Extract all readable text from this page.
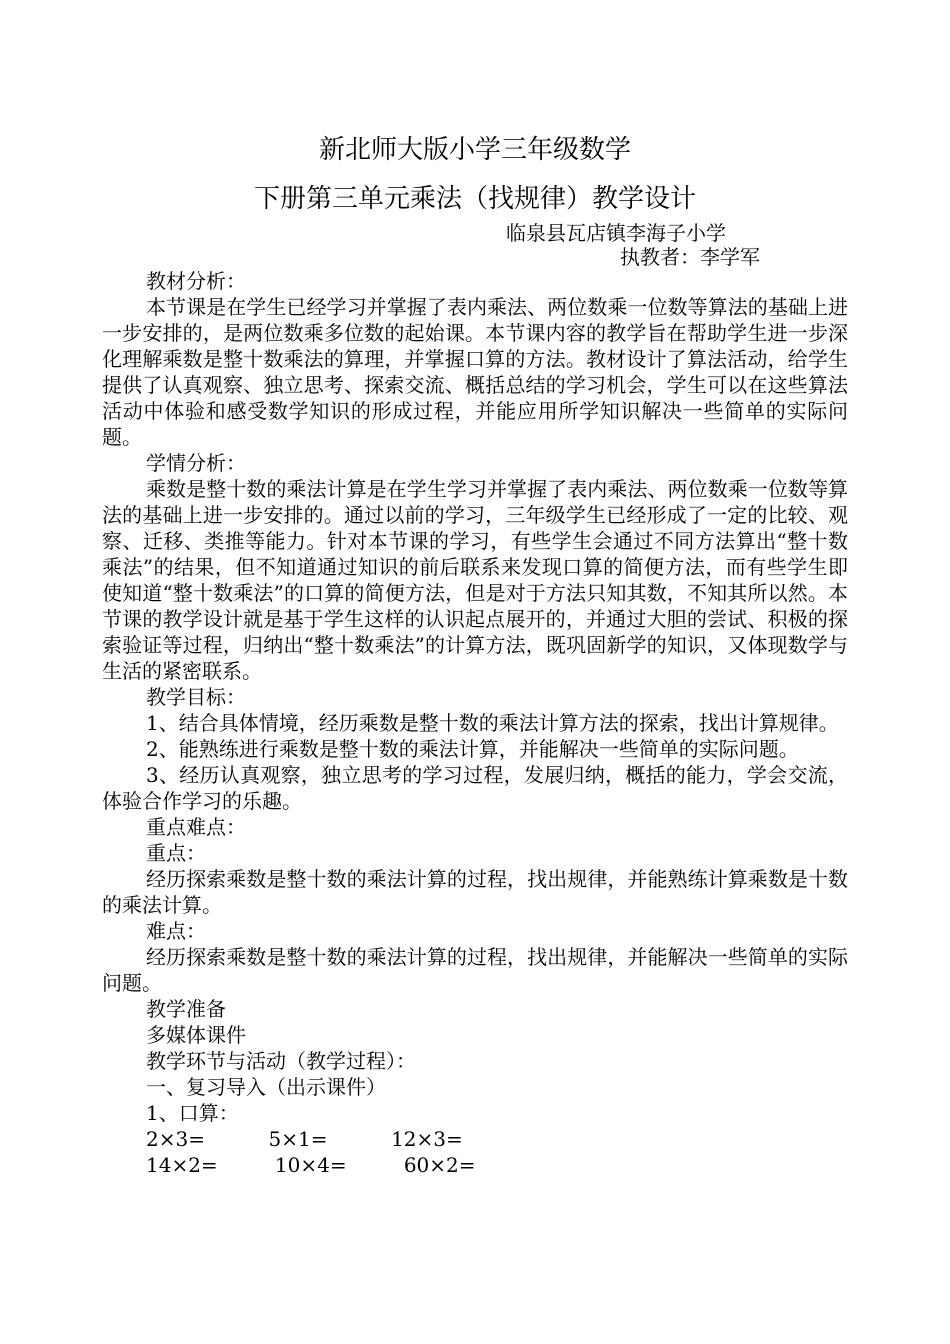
新北师大版小学三年级数学
下册第三单元乘法（找规律）教学设计
临泉县瓦店镇李海子小学
执教者：李学军

教材分析：

本节课是在学生已经学习并掌握了表内乘法、两位数乘一位数等算法的基础上进一步安排的，是两位数乘多位数的起始课。本节课内容的教学旨在帮助学生进一步深化理解乘数是整十数乘法的算理，并掌握口算的方法。教材设计了算法活动，给学生提供了认真观察、独立思考、探索交流、概括总结的学习机会，学生可以在这些算法活动中体验和感受数学知识的形成过程，并能应用所学知识解决一些简单的实际问题。

学情分析：

乘数是整十数的乘法计算是在学生学习并掌握了表内乘法、两位数乘一位数等算法的基础上进一步安排的。通过以前的学习，三年级学生已经形成了一定的比较、观察、迁移、类推等能力。针对本节课的学习，有些学生会通过不同方法算出“整十数乘法”的结果，但不知道通过知识的前后联系来发现口算的简便方法，而有些学生即使知道“整十数乘法”的口算的简便方法，但是对于方法只知其数，不知其所以然。本节课的教学设计就是基于学生这样的认识起点展开的，并通过大胆的尝试、积极的探索验证等过程，归纳出“整十数乘法”的计算方法，既巩固新学的知识，又体现数学与生活的紧密联系。

教学目标：

1、结合具体情境，经历乘数是整十数的乘法计算方法的探索，找出计算规律。

2、能熟练进行乘数是整十数的乘法计算，并能解决一些简单的实际问题。

3、经历认真观察，独立思考的学习过程，发展归纳，概括的能力，学会交流，体验合作学习的乐趣。

重点难点：

重点：

经历探索乘数是整十数的乘法计算的过程，找出规律，并能熟练计算乘数是十数的乘法计算。

难点：

经历探索乘数是整十数的乘法计算的过程，找出规律，并能解决一些简单的实际问题。

教学准备

多媒体课件

教学环节与活动（教学过程）：

一、复习导入（出示课件）

1、口算：

2×3=          5×1=          12×3=
14×2=         10×4=         60×2=
